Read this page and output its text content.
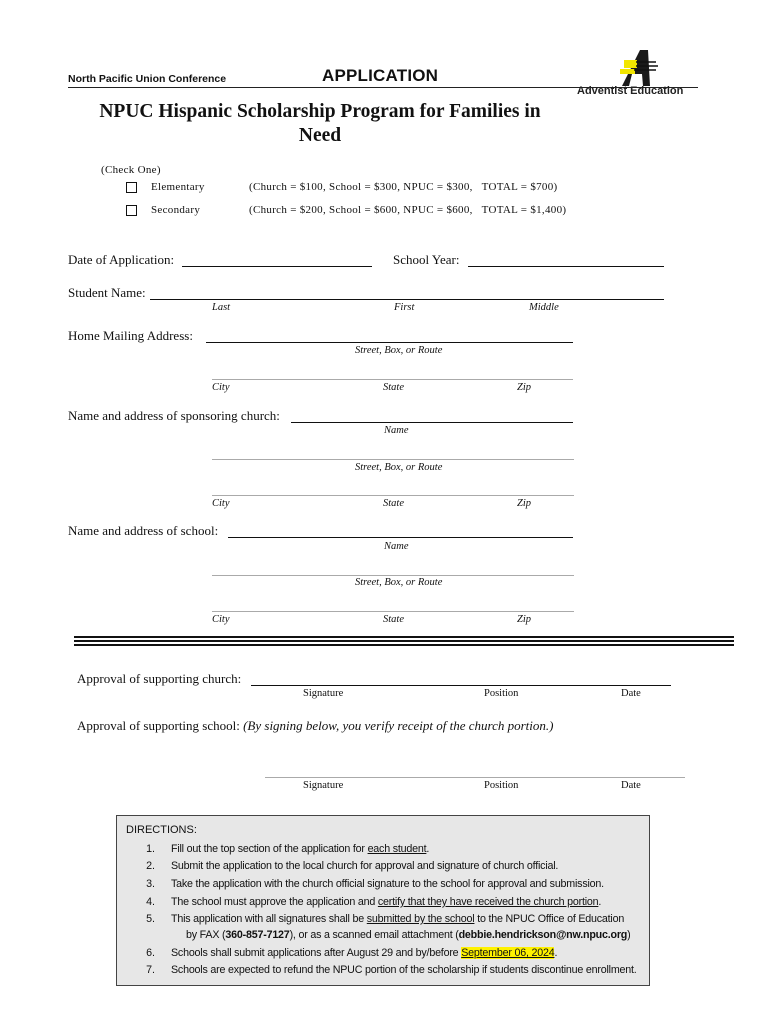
North Pacific Union Conference	APPLICATION
Adventist Education
NPUC Hispanic Scholarship Program for Families in
Need
(Check One)
Elementary	(Church = $100, School = $300, NPUC = $300,   TOTAL = $700)
Secondary	(Church = $200, School = $600, NPUC = $600,   TOTAL = $1,400)
Date of Application:	School Year:
Student Name:
Last	First	Middle
Home Mailing Address:
Street, Box, or Route
City	State	Zip
Name and address of sponsoring church:
Name
Street, Box, or Route
City	State	Zip
Name and address of school:
Name
Street, Box, or Route
City	State	Zip
Approval of supporting church:
Signature	Position	Date
Approval of supporting school: (By signing below, you verify receipt of the church portion.)
Signature	Position	Date
DIRECTIONS:
1. Fill out the top section of the application for each student.
2. Submit the application to the local church for approval and signature of church official.
3. Take the application with the church official signature to the school for approval and submission.
4. The school must approve the application and certify that they have received the church portion.
5. This application with all signatures shall be submitted by the school to the NPUC Office of Education
by FAX (360-857-7127), or as a scanned email attachment (debbie.hendrickson@nw.npuc.org)
6. Schools shall submit applications after August 29 and by/before September 06, 2024.
7. Schools are expected to refund the NPUC portion of the scholarship if students discontinue enrollment.
